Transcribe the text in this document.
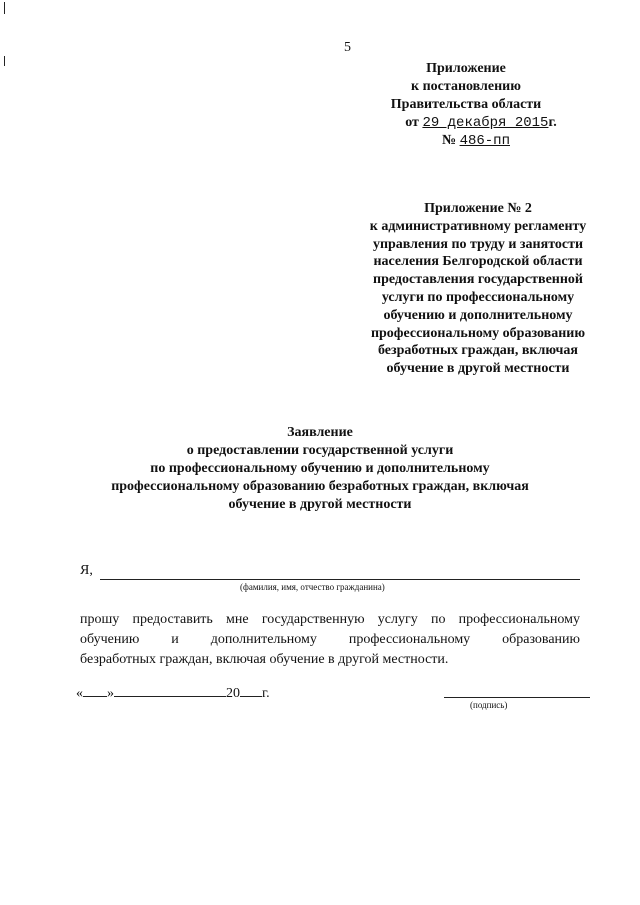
5
Приложение
к постановлению
Правительства области
от 29 декабря 2015г.
№ 486-пп
Приложение № 2
к административному регламенту
управления по труду и занятости
населения Белгородской области
предоставления государственной
услуги по профессиональному
обучению и дополнительному
профессиональному образованию
безработных граждан, включая
обучение в другой местности
Заявление
о предоставлении государственной услуги
по профессиональному обучению и дополнительному
профессиональному образованию безработных граждан, включая
обучение в другой местности
Я,
(фамилия, имя, отчество гражданина)
прошу предоставить мне государственную услугу по профессиональному
обучению и дополнительному профессиональному образованию
безработных граждан, включая обучение в другой местности.
« »	20 г.
(подпись)
